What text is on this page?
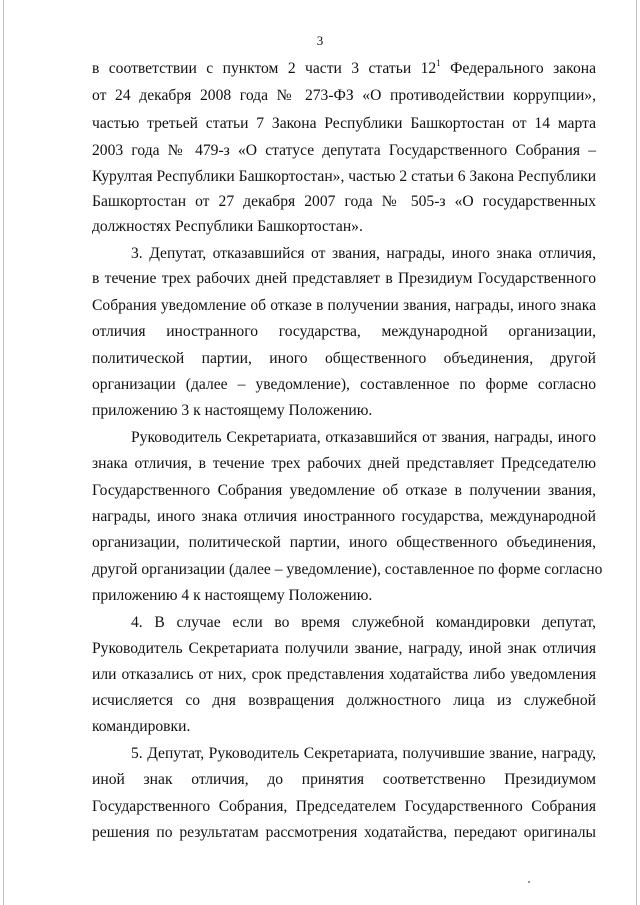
3
в соответствии с пунктом 2 части 3 статьи $12^1$ Федерального закона
от 24 декабря 2008 года № 273-ФЗ «О противодействии коррупции»,
частью третьей статьи 7 Закона Республики Башкортостан от 14 марта
2003 года № 479-з «О статусе депутата Государственного Собрания –
Курултая Республики Башкортостан», частью 2 статьи 6 Закона Республики
Башкортостан от 27 декабря 2007 года № 505-з «О государственных
должностях Республики Башкортостан».
3. Депутат, отказавшийся от звания, награды, иного знака отличия,
в течение трех рабочих дней представляет в Президиум Государственного
Собрания уведомление об отказе в получении звания, награды, иного знака
отличия иностранного государства, международной организации,
политической партии, иного общественного объединения, другой
организации (далее – уведомление), составленное по форме согласно
приложению 3 к настоящему Положению.
Руководитель Секретариата, отказавшийся от звания, награды, иного
знака отличия, в течение трех рабочих дней представляет Председателю
Государственного Собрания уведомление об отказе в получении звания,
награды, иного знака отличия иностранного государства, международной
организации, политической партии, иного общественного объединения,
другой организации (далее – уведомление), составленное по форме согласно
приложению 4 к настоящему Положению.
4. В случае если во время служебной командировки депутат,
Руководитель Секретариата получили звание, награду, иной знак отличия
или отказались от них, срок представления ходатайства либо уведомления
исчисляется со дня возвращения должностного лица из служебной
командировки.
5. Депутат, Руководитель Секретариата, получившие звание, награду,
иной знак отличия, до принятия соответственно Президиумом
Государственного Собрания, Председателем Государственного Собрания
решения по результатам рассмотрения ходатайства, передают оригиналы
